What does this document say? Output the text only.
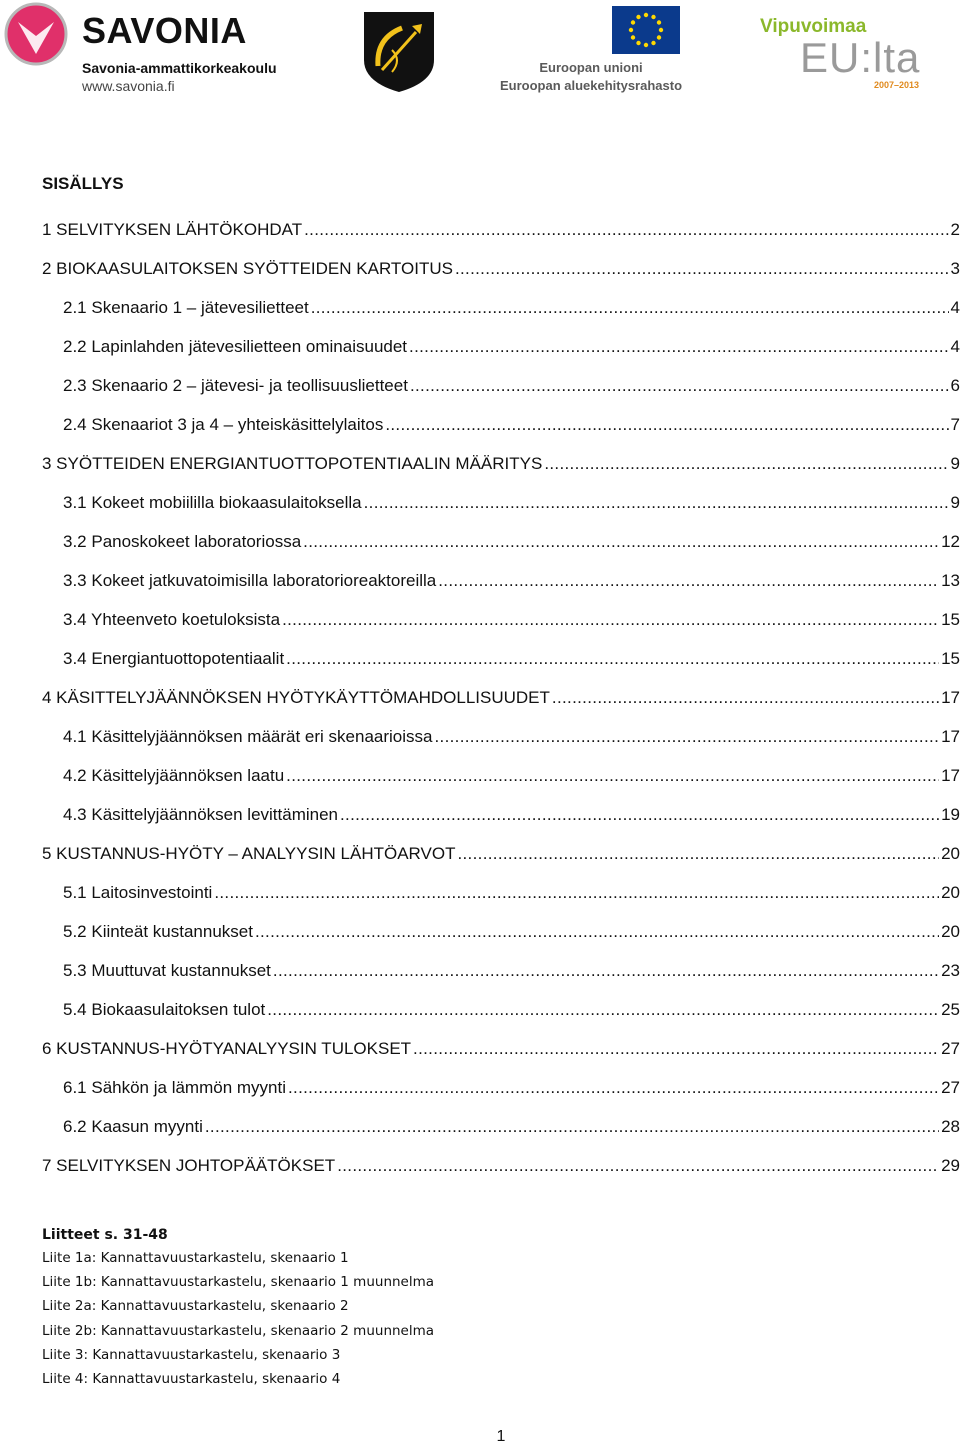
SAVONIA
Savonia-ammattikorkeakoulu
www.savonia.fi
Euroopan unioni
Euroopan aluekehitysrahasto
Vipuvoimaa
EU:lta
2007–2013
SISÄLLYS
1 SELVITYKSEN LÄHTÖKOHDAT . . .	2
2 BIOKAASULAITOKSEN SYÖTTEIDEN KARTOITUS . . .	3
2.1 Skenaario 1 – jätevesilietteet . . .	4
2.2 Lapinlahden jätevesilietteen ominaisuudet . . .	4
2.3 Skenaario 2 – jätevesi- ja teollisuuslietteet . . .	6
2.4 Skenaariot 3 ja 4 – yhteiskäsittelylaitos . . .	7
3 SYÖTTEIDEN ENERGIANTUOTTOPOTENTIAALIN MÄÄRITYS . . .	9
3.1 Kokeet mobiililla biokaasulaitoksella . . .	9
3.2 Panoskokeet laboratoriossa . . .	12
3.3 Kokeet jatkuvatoimisilla laboratorioreaktoreilla . . .	13
3.4 Yhteenveto koetuloksista . . .	15
3.4 Energiantuottopotentiaalit . . .	15
4 KÄSITTELYJÄÄNNÖKSEN HYÖTYKÄYTTÖMAHDOLLISUUDET . . .	17
4.1 Käsittelyjäännöksen määrät eri skenaarioissa . . .	17
4.2 Käsittelyjäännöksen laatu . . .	17
4.3 Käsittelyjäännöksen levittäminen . . .	19
5 KUSTANNUS-HYÖTY – ANALYYSIN LÄHTÖARVOT . . .	20
5.1 Laitosinvestointi . . .	20
5.2 Kiinteät kustannukset . . .	20
5.3 Muuttuvat kustannukset . . .	23
5.4 Biokaasulaitoksen tulot . . .	25
6 KUSTANNUS-HYÖTYANALYYSIN TULOKSET . . .	27
6.1 Sähkön ja lämmön myynti . . .	27
6.2 Kaasun myynti . . .	28
7 SELVITYKSEN JOHTOPÄÄTÖKSET . . .	29
Liitteet s. 31-48
Liite 1a: Kannattavuustarkastelu, skenaario 1
Liite 1b: Kannattavuustarkastelu, skenaario 1 muunnelma
Liite 2a: Kannattavuustarkastelu, skenaario 2
Liite 2b: Kannattavuustarkastelu, skenaario 2 muunnelma
Liite 3: Kannattavuustarkastelu, skenaario 3
Liite 4: Kannattavuustarkastelu, skenaario 4
1
